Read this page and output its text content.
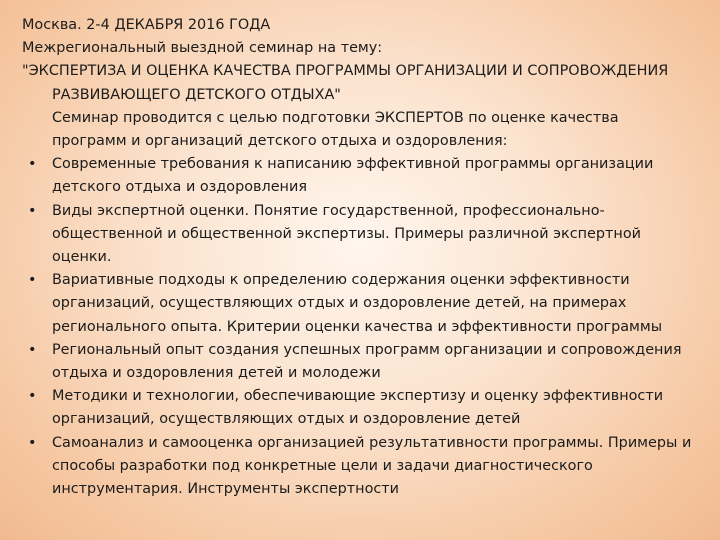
Москва. 2-4 ДЕКАБРЯ 2016 ГОДА
Межрегиональный выездной семинар на тему:
"ЭКСПЕРТИЗА И ОЦЕНКА КАЧЕСТВА ПРОГРАММЫ ОРГАНИЗАЦИИ И СОПРОВОЖДЕНИЯ
РАЗВИВАЮЩЕГО ДЕТСКОГО ОТДЫХА"
Семинар проводится с целью подготовки ЭКСПЕРТОВ по оценке качества
программ и организаций детского отдыха и оздоровления:
• Современные требования к написанию эффективной программы организации
детского отдыха и оздоровления
• Виды экспертной оценки. Понятие государственной, профессионально-
общественной и общественной экспертизы. Примеры различной экспертной
оценки.
• Вариативные подходы к определению содержания оценки эффективности
организаций, осуществляющих отдых и оздоровление детей, на примерах
регионального опыта. Критерии оценки качества и эффективности программы
• Региональный опыт создания успешных программ организации и сопровождения
отдыха и оздоровления детей и молодежи
• Методики и технологии, обеспечивающие экспертизу и оценку эффективности
организаций, осуществляющих отдых и оздоровление детей
• Самоанализ и самооценка организацией результативности программы. Примеры и
способы разработки под конкретные цели и задачи диагностического
инструментария. Инструменты экспертности
